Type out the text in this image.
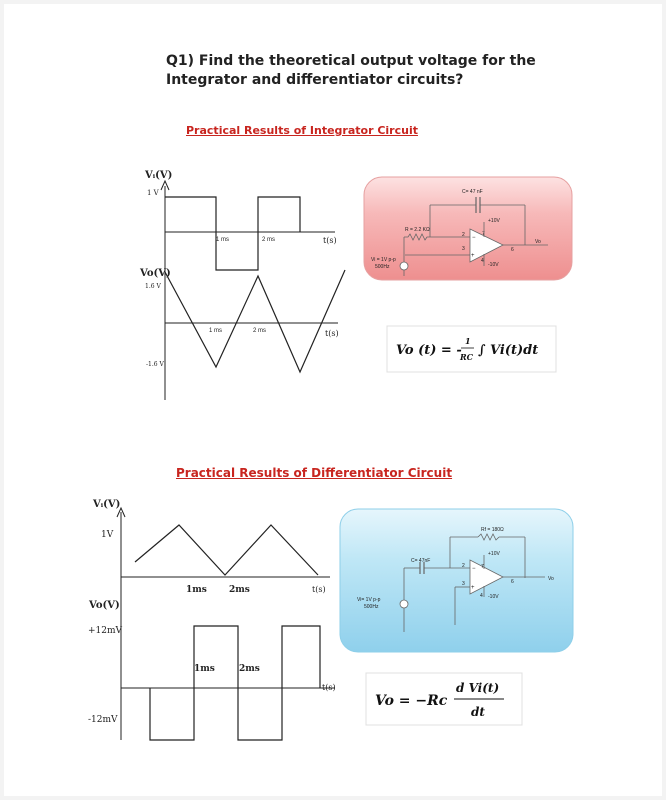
Q1) Find the theoretical output voltage for the Integrator and differentiator circuits?

Practical Results of Integrator Circuit

Practical Results of Differentiator Circuit

Vᵢ(V)
1 V
1 ms	2 ms	t(s)
Vo(V)
1.6 V
1 ms	2 ms	t(s)
-1.6 V
C= 47 nF
R = 2.2 KΩ
−
+
2
3
7
4
6
Vo
+10V
-10V
Vi = 1V p-p
500Hz
Vo (t) = -
1
RC ∫ Vi(t)dt
Vᵢ(V)
1V
1ms 2ms	t(s)
Vo(V)
+12mV
1ms	2ms
t(s)
-12mV
Rf = 180Ω
C= 47nF
−
+
2
3
7
4
6	Vo
+10V
-10V
Vi= 1V p-p
500Hz
Vo = −Rc
d Vi(t)
dt
